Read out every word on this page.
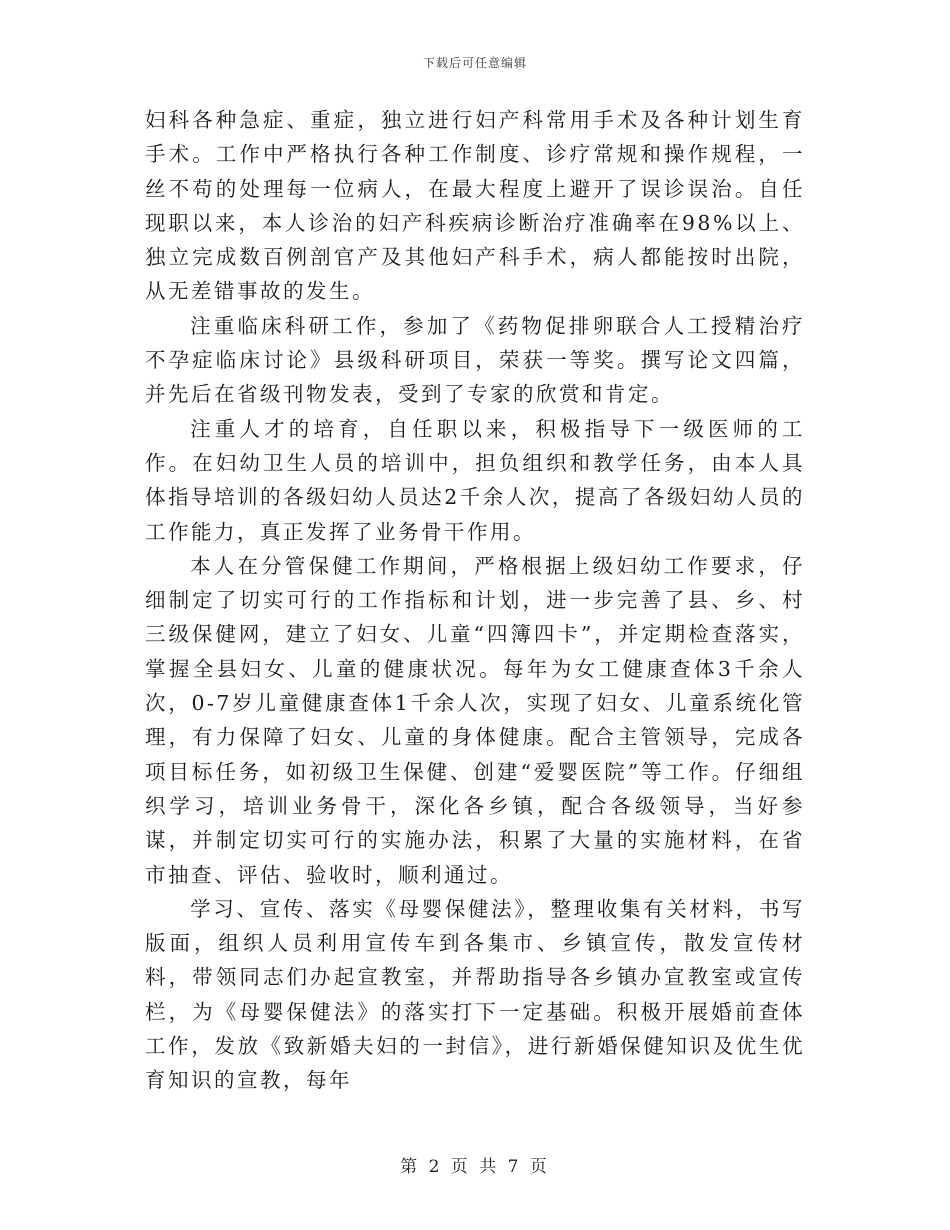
下载后可任意编辑

妇科各种急症、重症，独立进行妇产科常用手术及各种计划生育手术。工作中严格执行各种工作制度、诊疗常规和操作规程，一丝不苟的处理每一位病人，在最大程度上避开了误诊误治。自任现职以来，本人诊治的妇产科疾病诊断治疗准确率在98%以上、独立完成数百例剖官产及其他妇产科手术，病人都能按时出院，从无差错事故的发生。

注重临床科研工作，参加了《药物促排卵联合人工授精治疗不孕症临床讨论》县级科研项目，荣获一等奖。撰写论文四篇，并先后在省级刊物发表，受到了专家的欣赏和肯定。

注重人才的培育，自任职以来，积极指导下一级医师的工作。在妇幼卫生人员的培训中，担负组织和教学任务，由本人具体指导培训的各级妇幼人员达2千余人次，提高了各级妇幼人员的工作能力，真正发挥了业务骨干作用。

本人在分管保健工作期间，严格根据上级妇幼工作要求，仔细制定了切实可行的工作指标和计划，进一步完善了县、乡、村三级保健网，建立了妇女、儿童“四簿四卡”，并定期检查落实，掌握全县妇女、儿童的健康状况。每年为女工健康查体3千余人次，0-7岁儿童健康查体1千余人次，实现了妇女、儿童系统化管理，有力保障了妇女、儿童的身体健康。配合主管领导，完成各项目标任务，如初级卫生保健、创建“爱婴医院”等工作。仔细组织学习，培训业务骨干，深化各乡镇，配合各级领导，当好参谋，并制定切实可行的实施办法，积累了大量的实施材料，在省市抽查、评估、验收时，顺利通过。

学习、宣传、落实《母婴保健法》，整理收集有关材料，书写版面，组织人员利用宣传车到各集市、乡镇宣传，散发宣传材料，带领同志们办起宣教室，并帮助指导各乡镇办宣教室或宣传栏，为《母婴保健法》的落实打下一定基础。积极开展婚前查体工作，发放《致新婚夫妇的一封信》，进行新婚保健知识及优生优育知识的宣教，每年

第 2 页 共 7 页
